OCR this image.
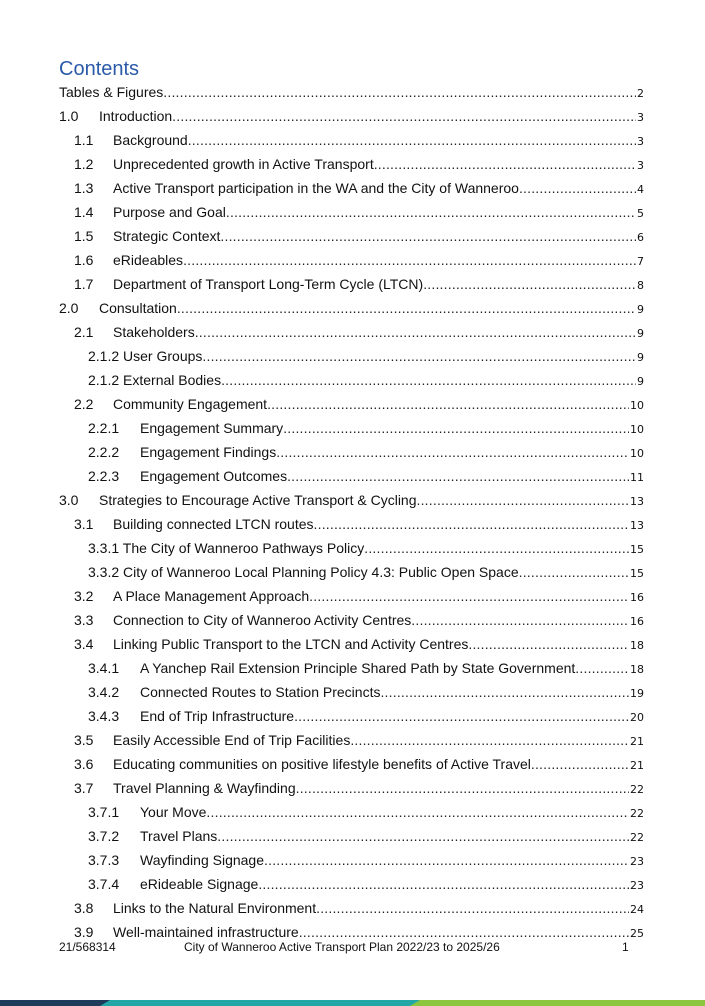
Contents
Tables & Figures .....	2
1.0 Introduction .....	3
1.1 Background .....	3
1.2 Unprecedented growth in Active Transport .....	3
1.3 Active Transport participation in the WA and the City of Wanneroo .....	4
1.4 Purpose and Goal .....	5
1.5 Strategic Context .....	6
1.6 eRideables .....	7
1.7 Department of Transport Long-Term Cycle (LTCN) .....	8
2.0 Consultation .....	9
2.1 Stakeholders .....	9
2.1.2 User Groups .....	9
2.1.2 External Bodies .....	9
2.2 Community Engagement .....	10
2.2.1 Engagement Summary .....	10
2.2.2 Engagement Findings .....	10
2.2.3 Engagement Outcomes .....	11
3.0 Strategies to Encourage Active Transport & Cycling .....	13
3.1 Building connected LTCN routes .....	13
3.3.1 The City of Wanneroo Pathways Policy .....	15
3.3.2 City of Wanneroo Local Planning Policy 4.3: Public Open Space .....	15
3.2 A Place Management Approach .....	16
3.3 Connection to City of Wanneroo Activity Centres .....	16
3.4 Linking Public Transport to the LTCN and Activity Centres .....	18
3.4.1 A Yanchep Rail Extension Principle Shared Path by State Government .....	18
3.4.2 Connected Routes to Station Precincts .....	19
3.4.3 End of Trip Infrastructure .....	20
3.5 Easily Accessible End of Trip Facilities .....	21
3.6 Educating communities on positive lifestyle benefits of Active Travel .....	21
3.7 Travel Planning & Wayfinding .....	22
3.7.1 Your Move .....	22
3.7.2 Travel Plans .....	22
3.7.3 Wayfinding Signage .....	23
3.7.4 eRideable Signage .....	23
3.8 Links to the Natural Environment .....	24
3.9 Well-maintained infrastructure .....	25
21/568314	City of Wanneroo Active Transport Plan 2022/23 to 2025/26	1
